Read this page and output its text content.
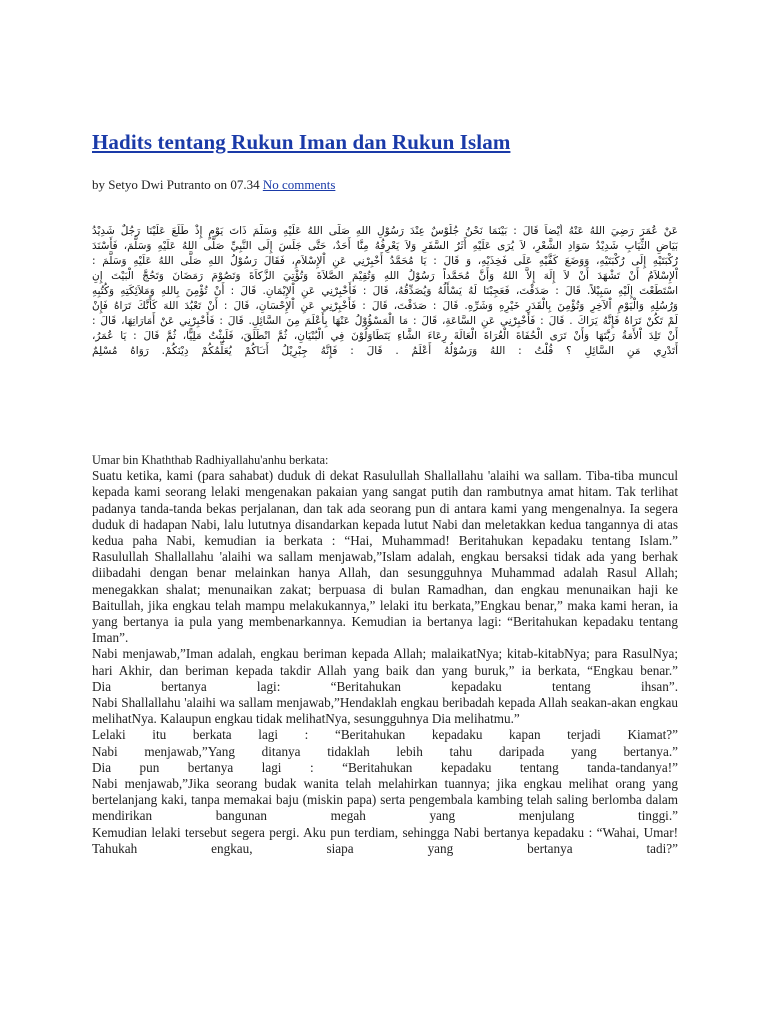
Hadits tentang Rukun Iman dan Rukun Islam
by Setyo Dwi Putranto on 07.34 No comments

عَنْ عُمَرَ رَضِيَ اللهُ عَنْهُ أَيْضاً قَالَ : بَيْنَمَا نَحْنُ جُلُوْسٌ عِنْدَ رَسُوْلِ اللهِ صَلَّى اللهُ عَلَيْهِ وَسَلَّمَ ذَاتَ يَوْمٍ إِذْ طَلَعَ عَلَيْنَا رَجُلٌ شَدِيْدُ

بَيَاضِ الثِّيَابِ شَدِيْدُ سَوَادِ الشَّعْرِ، لاَ يُرَى عَلَيْهِ أَثَرُ السَّفَرِ وَلاَ يَعْرِفُهُ مِنَّا أَحَدٌ، حَتَّى جَلَسَ إِلَى النَّبِيِّ صَلَّى اللهُ عَلَيْهِ وَسَلَّمَ، فَأَسْنَدَ

رُكْبَتَيْهِ إِلَى رُكْبَتَيْهِ، وَوَضَعَ كَفَّيْهِ عَلَى فَخِذَيْهِ، وَ قَالَ : يَا مُحَمَّدُ أَخْبِرْنِي عَنِ اْلإِسْلاَمِ، فَقَالَ رَسُوْلُ اللهِ صَلَّى اللهُ عَلَيْهِ وَسَلَّمَ :

اْلإِسْلاَمُ أَنْ تَشْهَدَ أَنْ لاَ إِلَهَ إِلاَّ اللهُ وَأَنَّ مُحَمَّداً رَسُوْلُ اللهِ وَتُقِيْمَ الصَّلاَةَ وَتُؤْتِيَ الزَّكاَةَ وَتَصُوْمَ رَمَضَانَ وَتَحُجَّ الْبَيْتَ إِنِ

اسْتَطَعْتَ إِلَيْهِ سَبِيْلاً. قَالَ : صَدَقْتَ، فَعَجِبْنَا لَهُ يَسْأَلُهُ وَيُصَدِّقُهُ، قَالَ : فَأَخْبِرْنِي عَنِ اْلإِيْمَانِ. قَالَ : أَنْ تُؤْمِنَ بِاللهِ وَمَلاَئِكَتِهِ وَكُتُبِهِ

وَرُسُلِهِ وَالْيَوْمِ اْلآخِرِ وَتُؤْمِنَ بِالْقَدَرِ خَيْرِهِ وَشَرِّهِ. قَالَ : صَدَقْتَ، قَالَ : فَأَخْبِرْنِي عَنِ اْلإِحْسَانِ، قَالَ : أَنْ تَعْبُدَ اللهَ كَأَنَّكَ تَرَاهُ فَإِنْ

لَمْ تَكُنْ تَرَاهُ فَإِنَّهُ يَرَاكَ . قَالَ : فَأَخْبِرْنِي عَنِ السَّاعَةِ، قَالَ : مَا الْمَسْؤُوْلُ عَنْهَا بِأَعْلَمَ مِنَ السَّائِلِ. قَالَ : فَأَخْبِرْنِي عَنْ أَمَارَاتِهَا، قَالَ :

أَنْ تَلِدَ اْلأَمَةُ رَبَّتَهَا وَأَنْ تَرَى الْحُفَاةَ الْعُرَاةَ الْعَالَةَ رِعَاءَ الشَّاءِ يَتَطَاوَلُوْنَ فِي الْبُنْيَانِ، ثُمَّ انْطَلَقَ، فَلَبِثْتُ مَلِيًّا، ثُمَّ قَالَ : يَا عُمَرُ،

أَتَدْرِي مَنِ السَّائِلِ ؟ قُلْتُ : اللهُ وَرَسُوْلُهُ أَعْلَمُ . قَالَ : فَإِنَّهُ جِبْرِيْلُ أَتـَاكُمْ يُعَلِّمُكُمْ دِيْنَكُمْ. رَوَاهُ مُسْلِمٌ

Umar bin Khaththab Radhiyallahu'anhu berkata:

Suatu ketika, kami (para sahabat) duduk di dekat Rasulullah Shallallahu 'alaihi wa sallam. Tiba-tiba muncul kepada kami seorang lelaki mengenakan pakaian yang sangat putih dan rambutnya amat hitam. Tak terlihat padanya tanda-tanda bekas perjalanan, dan tak ada seorang pun di antara kami yang mengenalnya. Ia segera duduk di hadapan Nabi, lalu lututnya disandarkan kepada lutut Nabi dan meletakkan kedua tangannya di atas kedua paha Nabi, kemudian ia berkata : “Hai, Muhammad! Beritahukan kepadaku tentang Islam.”

Rasulullah Shallallahu 'alaihi wa sallam menjawab,”Islam adalah, engkau bersaksi tidak ada yang berhak diibadahi dengan benar melainkan hanya Allah, dan sesungguhnya Muhammad adalah Rasul Allah; menegakkan shalat; menunaikan zakat; berpuasa di bulan Ramadhan, dan engkau menunaikan haji ke Baitullah, jika engkau telah mampu melakukannya,” lelaki itu berkata,”Engkau benar,” maka kami heran, ia yang bertanya ia pula yang membenarkannya. Kemudian ia bertanya lagi: “Beritahukan kepadaku tentang Iman”.

Nabi menjawab,”Iman adalah, engkau beriman kepada Allah; malaikatNya; kitab-kitabNya; para RasulNya; hari Akhir, dan beriman kepada takdir Allah yang baik dan yang buruk,” ia berkata, “Engkau benar.”

Dia bertanya lagi: “Beritahukan kepadaku tentang ihsan”.

Nabi Shallallahu 'alaihi wa sallam menjawab,”Hendaklah engkau beribadah kepada Allah seakan-akan engkau melihatNya. Kalaupun engkau tidak melihatNya, sesungguhnya Dia melihatmu.”

Lelaki itu berkata lagi : “Beritahukan kepadaku kapan terjadi Kiamat?”

Nabi menjawab,”Yang ditanya tidaklah lebih tahu daripada yang bertanya.”

Dia pun bertanya lagi : “Beritahukan kepadaku tentang tanda-tandanya!”

Nabi menjawab,”Jika seorang budak wanita telah melahirkan tuannya; jika engkau melihat orang yang bertelanjang kaki, tanpa memakai baju (miskin papa) serta pengembala kambing telah saling berlomba dalam mendirikan bangunan megah yang menjulang tinggi.”

Kemudian lelaki tersebut segera pergi. Aku pun terdiam, sehingga Nabi bertanya kepadaku : “Wahai, Umar! Tahukah engkau, siapa yang bertanya tadi?”
